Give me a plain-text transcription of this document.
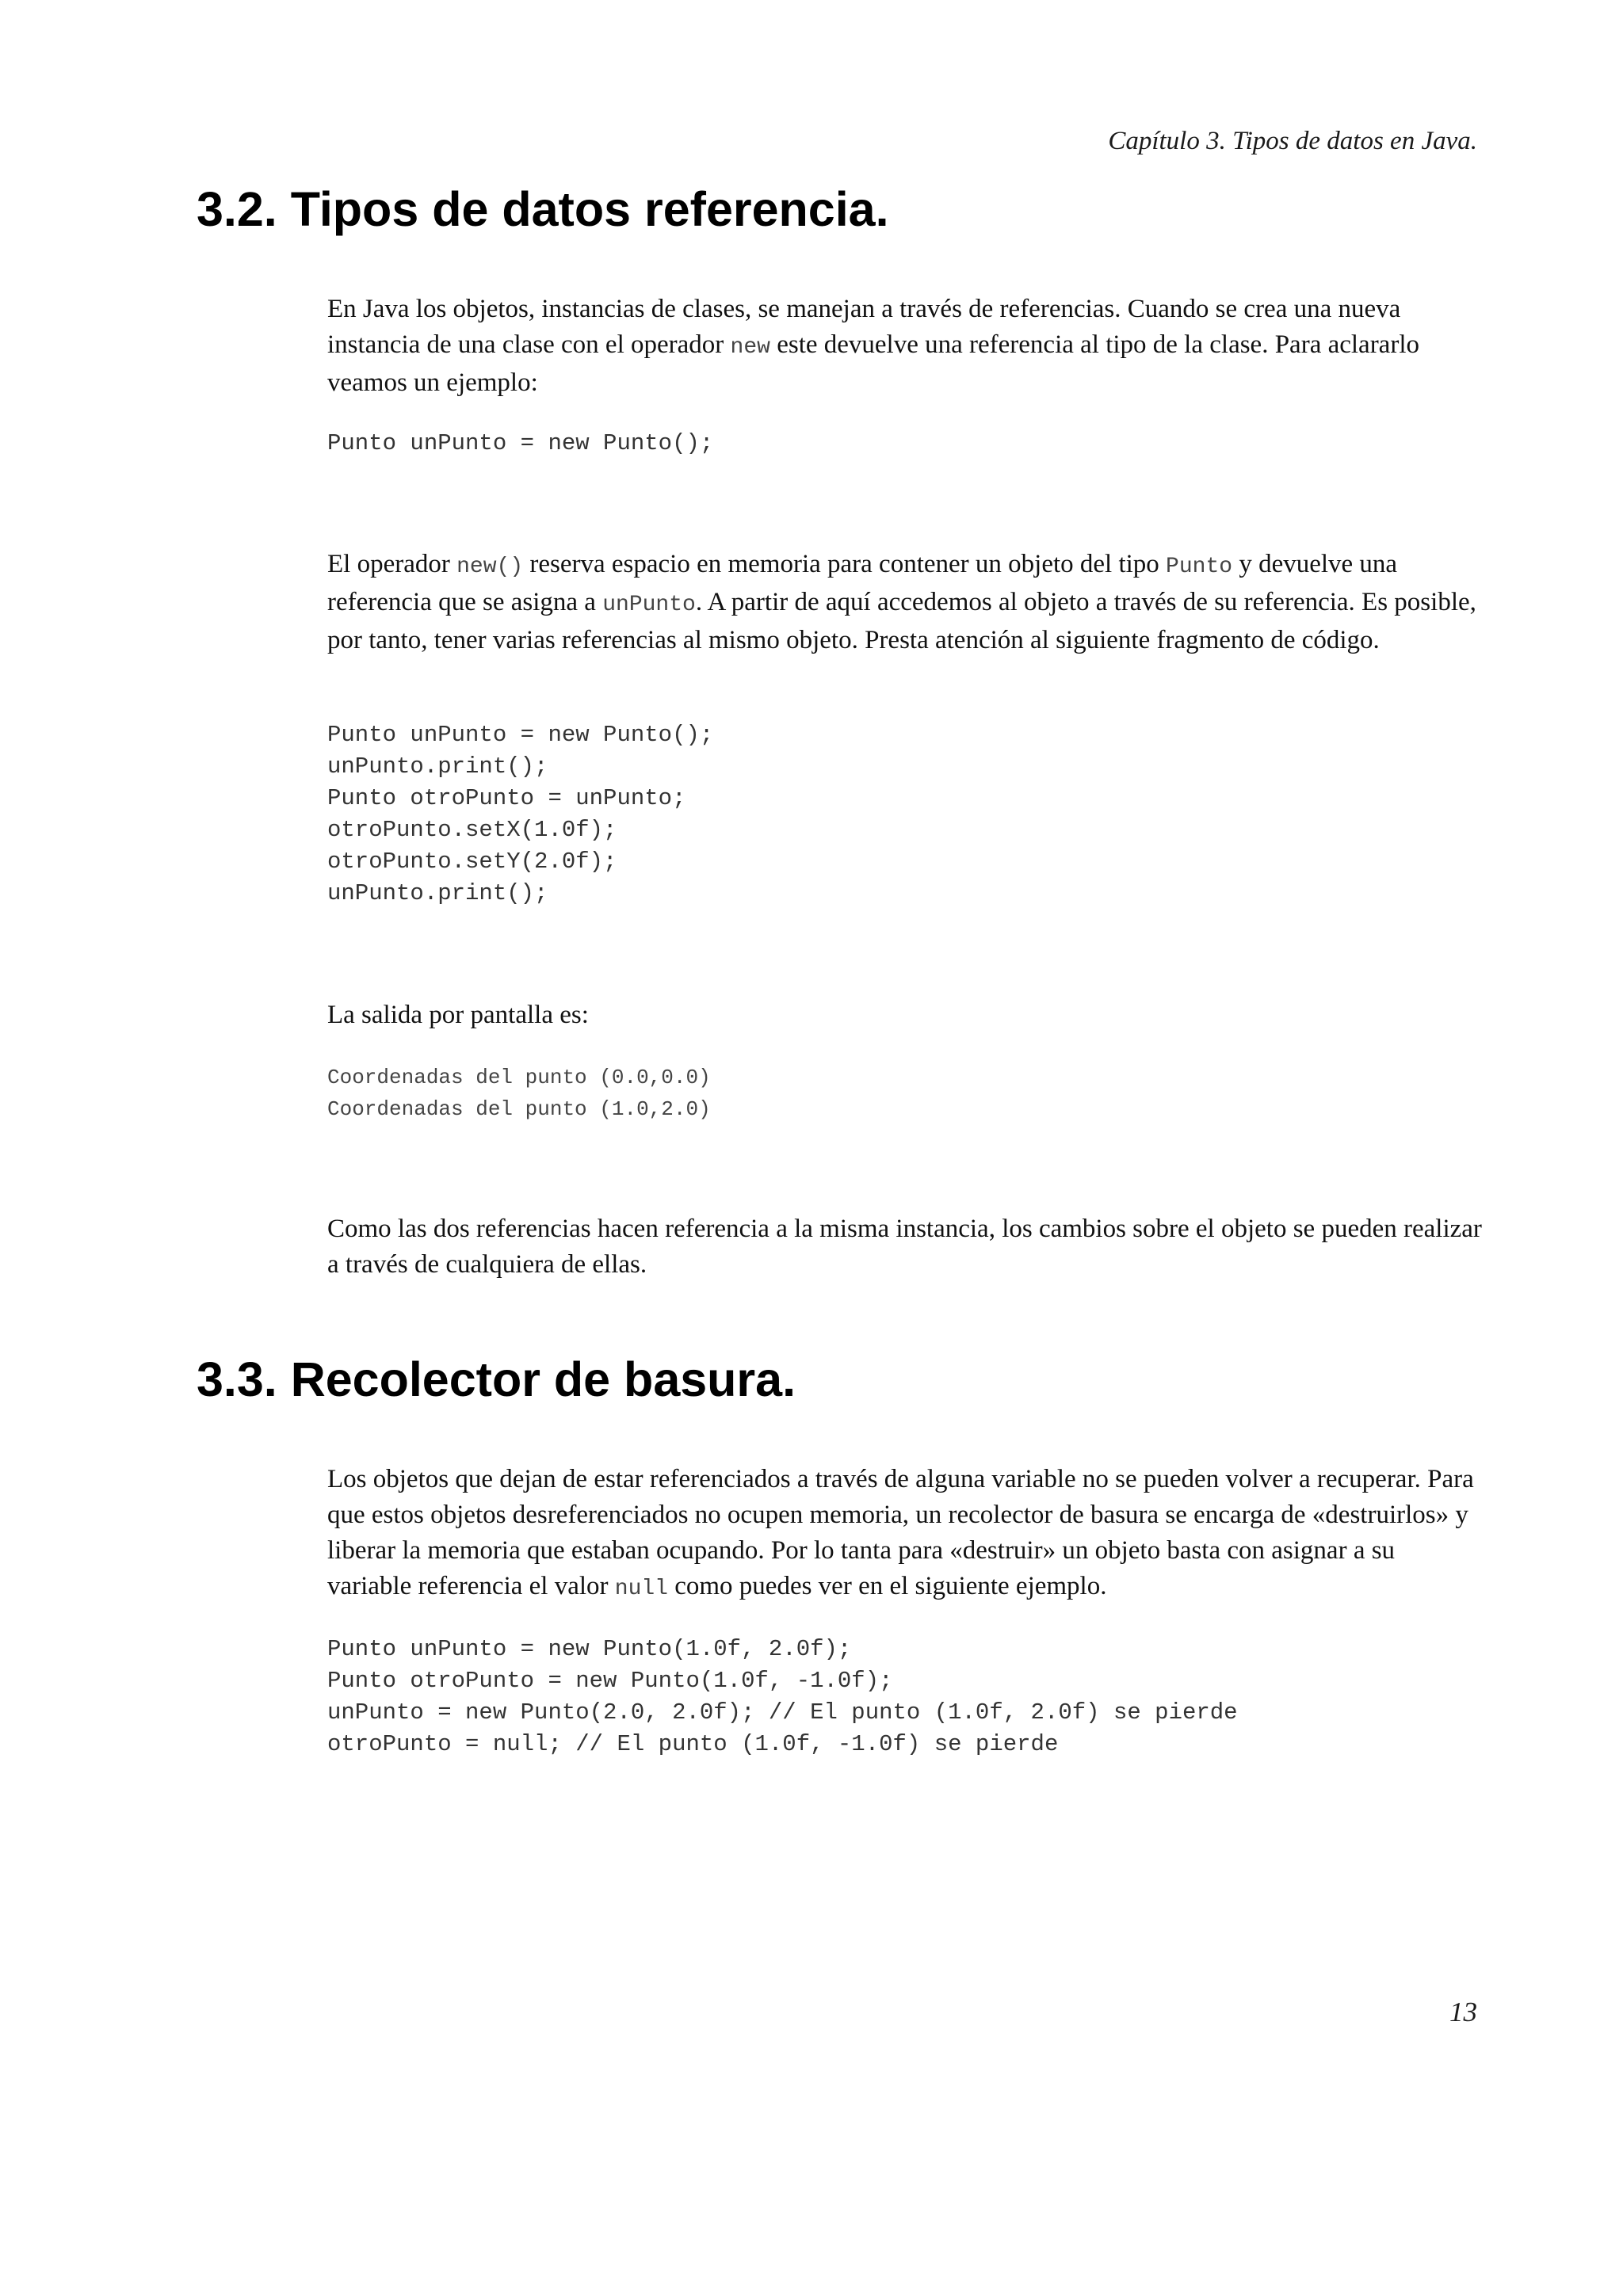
Capítulo 3. Tipos de datos en Java.
3.2. Tipos de datos referencia.

En Java los objetos, instancias de clases, se manejan a través de referencias. Cuando se crea una nueva instancia de una clase con el operador new este devuelve una referencia al tipo de la clase. Para aclararlo veamos un ejemplo:

Punto unPunto = new Punto();

El operador new() reserva espacio en memoria para contener un objeto del tipo Punto y devuelve una referencia que se asigna a unPunto. A partir de aquí accedemos al objeto a través de su referencia. Es posible, por tanto, tener varias referencias al mismo objeto. Presta atención al siguiente fragmento de código.

Punto unPunto = new Punto();
unPunto.print();
Punto otroPunto = unPunto;
otroPunto.setX(1.0f);
otroPunto.setY(2.0f);
unPunto.print();

La salida por pantalla es:

Coordenadas del punto (0.0,0.0)
Coordenadas del punto (1.0,2.0)

Como las dos referencias hacen referencia a la misma instancia, los cambios sobre el objeto se pueden realizar a través de cualquiera de ellas.

3.3. Recolector de basura.

Los objetos que dejan de estar referenciados a través de alguna variable no se pueden volver a recuperar. Para que estos objetos desreferenciados no ocupen memoria, un recolector de basura se encarga de «destruirlos» y liberar la memoria que estaban ocupando. Por lo tanta para «destruir» un objeto basta con asignar a su variable referencia el valor null como puedes ver en el siguiente ejemplo.

Punto unPunto = new Punto(1.0f, 2.0f);
Punto otroPunto = new Punto(1.0f, -1.0f);
unPunto = new Punto(2.0, 2.0f); // El punto (1.0f, 2.0f) se pierde
otroPunto = null; // El punto (1.0f, -1.0f) se pierde
13
